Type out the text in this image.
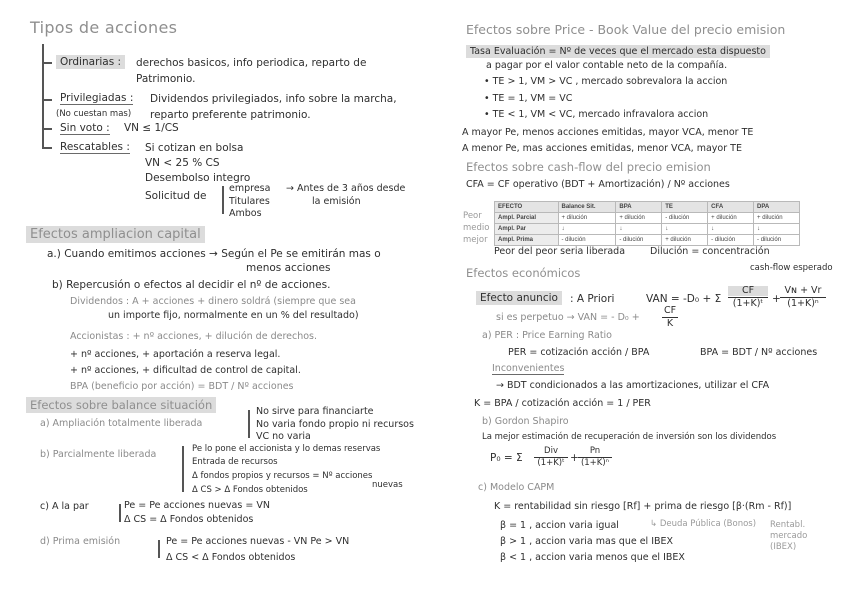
Tipos de acciones
Ordinarias :	derechos basicos, info periodica, reparto de
Patrimonio.
Privilegiadas : Dividendos privilegiados, info sobre la marcha,
(No cuestan mas) reparto preferente patrimonio.
Sin voto : VN ≤ 1/CS
Rescatables : Si cotizan en bolsa
VN < 25 % CS
Desembolso integro
Solicitud de
empresa
Titulares
Ambos
→ Antes de 3 años desde
la emisión
Efectos ampliacion capital
a.) Cuando emitimos acciones → Según el Pe se emitirán mas o
menos acciones
b) Repercusión o efectos al decidir el nº de acciones.
Dividendos : A + acciones + dinero soldrá (siempre que sea
un importe fijo, normalmente en un % del resultado)
Accionistas : + nº acciones, + dilución de derechos.
+ nº acciones, + aportación a reserva legal.
+ nº acciones, + dificultad de control de capital.
BPA (beneficio por acción) = BDT / Nº acciones
Efectos sobre balance situación
a) Ampliación totalmente liberada
No sirve para financiarte
No varia fondo propio ni recursos
VC no varia
b) Parcialmente liberada	Pe lo pone el accionista y lo demas reservas
Entrada de recursos
Δ fondos propios y recursos = Nº acciones
nuevas
Δ CS > Δ Fondos obtenidos
c) A la par	Pe = Pe acciones nuevas = VN
Δ CS = Δ Fondos obtenidos
d) Prima emisión	Pe = Pe acciones nuevas - VN Pe > VN
Δ CS < Δ Fondos obtenidos
Efectos sobre Price - Book Value del precio emision
Tasa Evaluación = Nº de veces que el mercado esta dispuesto
a pagar por el valor contable neto de la compañía.
• TE > 1, VM > VC , mercado sobrevalora la accion
• TE = 1, VM = VC
• TE < 1, VM < VC, mercado infravalora accion
A mayor Pe, menos acciones emitidas, mayor VCA, menor TE
A menor Pe, mas acciones emitidas, menor VCA, mayor TE
Efectos sobre cash-flow del precio emision
CFA = CF operativo (BDT + Amortización) / Nº acciones
Peor
medio
mejor
EFECTO	Balance Sit.	BPA	TE	CFA	DPA
Ampl. Parcial	+ dilución	+ dilución	- dilución	+ dilución	+ dilución
Ampl. Par	↓	↓	↓	↓	↓
Ampl. Prima	- dilución	- dilución	+ dilución	- dilución	- dilución
Peor del peor seria liberada	Dilución = concentración
Efectos económicos	cash-flow esperado
Efecto anuncio	: A Priori	VAN = -D₀ + Σ
CF
(1+K)ᵗ +
Vɴ + Vr
(1+K)ⁿ
si es perpetuo → VAN = - D₀ +
CF
K
a) PER : Price Earning Ratio
PER = cotización acción / BPA	BPA = BDT / Nº acciones
Inconvenientes
→ BDT condicionados a las amortizaciones, utilizar el CFA
K = BPA / cotización acción = 1 / PER
b) Gordon Shapiro
La mejor estimación de recuperación de inversión son los dividendos
P₀ = Σ
Div
(1+K)ᵗ +
Pn
(1+K)ⁿ
c) Modelo CAPM
K = rentabilidad sin riesgo [Rf] + prima de riesgo [β·(Rm - Rf)]
Rentabl.
mercado
(IBEX)
↳ Deuda Pública (Bonos)
β = 1 , accion varia igual
β > 1 , accion varia mas que el IBEX
β < 1 , accion varia menos que el IBEX
